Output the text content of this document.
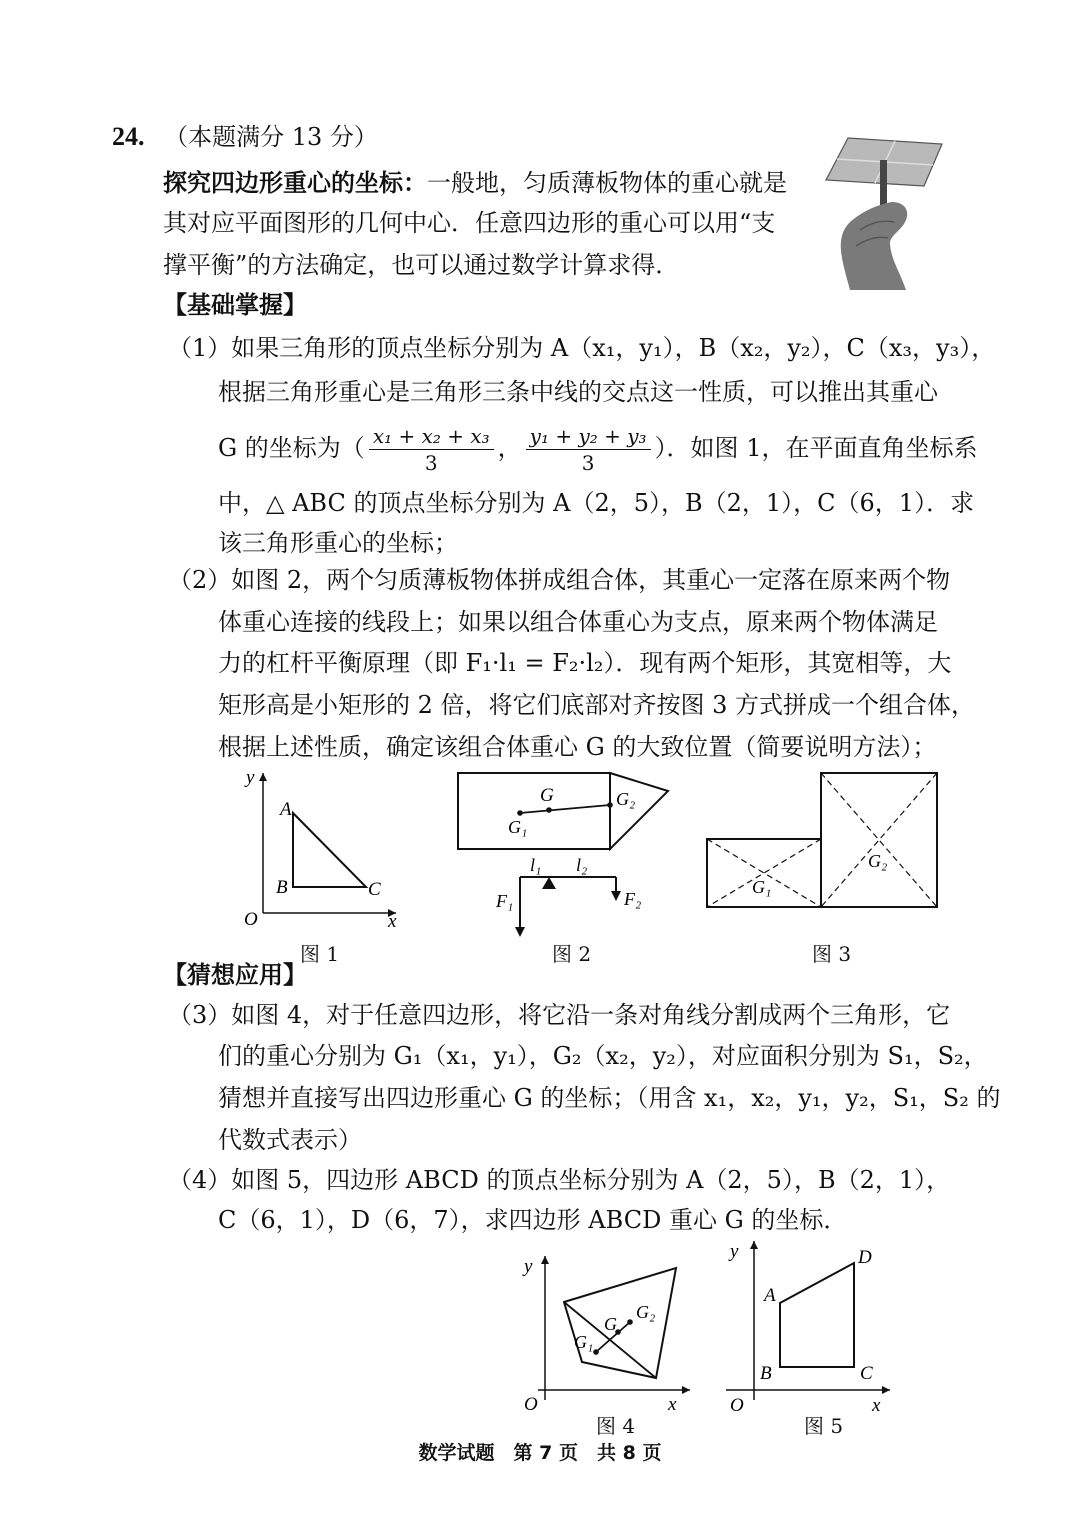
24. （本题满分 13 分）
探究四边形重心的坐标：一般地，匀质薄板物体的重心就是
其对应平面图形的几何中心．任意四边形的重心可以用“支
撑平衡”的方法确定，也可以通过数学计算求得．
【基础掌握】
（1）如果三角形的顶点坐标分别为 A（x₁，y₁），B（x₂，y₂），C（x₃，y₃），
根据三角形重心是三角形三条中线的交点这一性质，可以推出其重心
G 的坐标为（ $\frac{\text{x₁ + x₂ + x₃}}{3}$ ， $\frac{\text{y₁ + y₂ + y₃}}{3}$ ）．如图 1，在平面直角坐标系
中，△ ABC 的顶点坐标分别为 A（2，5），B（2，1），C（6，1）．求
该三角形重心的坐标；
（2）如图 2，两个匀质薄板物体拼成组合体，其重心一定落在原来两个物
体重心连接的线段上；如果以组合体重心为支点，原来两个物体满足
力的杠杆平衡原理（即 F₁·l₁ = F₂·l₂）．现有两个矩形，其宽相等，大
矩形高是小矩形的 2 倍，将它们底部对齐按图 3 方式拼成一个组合体，
根据上述性质，确定该组合体重心 G 的大致位置（简要说明方法）；
y
x
O
A
B	C
图 1
G
G₁
G₂
l₁ l₂
F₁	F₂
图 2
G₁
G₂
图 3
【猜想应用】
（3）如图 4，对于任意四边形，将它沿一条对角线分割成两个三角形，它
们的重心分别为 G₁（x₁，y₁），G₂（x₂，y₂），对应面积分别为 S₁，S₂，
猜想并直接写出四边形重心 G 的坐标；（用含 x₁，x₂，y₁，y₂，S₁，S₂ 的
代数式表示）
（4）如图 5，四边形 ABCD 的顶点坐标分别为 A（2，5），B（2，1），
C（6，1），D（6，7），求四边形 ABCD 重心 G 的坐标．
G
G₁
G₂
y
x
O
图 4
y
x
O
A
B	C
D
图 5
数学试题　第 7 页　共 8 页
